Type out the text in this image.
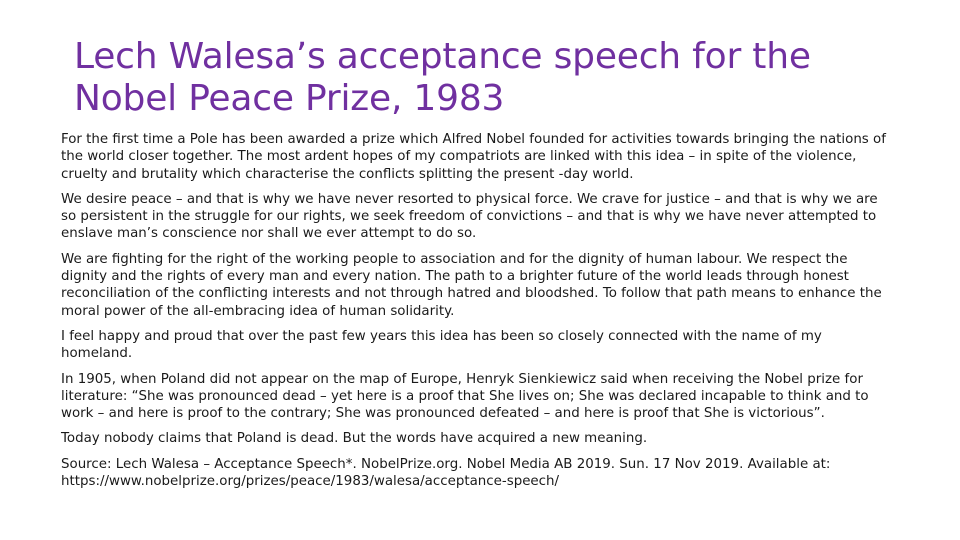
Lech Walesa’s acceptance speech for the
Nobel Peace Prize, 1983

For the first time a Pole has been awarded a prize which Alfred Nobel founded for activities towards bringing the nations of the world closer together. The most ardent hopes of my compatriots are linked with this idea – in spite of the violence, cruelty and brutality which characterise the conflicts splitting the present -day world.

We desire peace – and that is why we have never resorted to physical force. We crave for justice – and that is why we are so persistent in the struggle for our rights, we seek freedom of convictions – and that is why we have never attempted to enslave man’s conscience nor shall we ever attempt to do so.

We are fighting for the right of the working people to association and for the dignity of human labour. We respect the dignity and the rights of every man and every nation. The path to a brighter future of the world leads through honest reconciliation of the conflicting interests and not through hatred and bloodshed. To follow that path means to enhance the moral power of the all-embracing idea of human solidarity.

I feel happy and proud that over the past few years this idea has been so closely connected with the name of my homeland.

In 1905, when Poland did not appear on the map of Europe, Henryk Sienkiewicz said when receiving the Nobel prize for literature: “She was pronounced dead – yet here is a proof that She lives on; She was declared incapable to think and to work – and here is proof to the contrary; She was pronounced defeated – and here is proof that She is victorious”.

Today nobody claims that Poland is dead. But the words have acquired a new meaning.

Source: Lech Walesa – Acceptance Speech*. NobelPrize.org. Nobel Media AB 2019. Sun. 17 Nov 2019. Available at: https://www.nobelprize.org/prizes/peace/1983/walesa/acceptance-speech/
